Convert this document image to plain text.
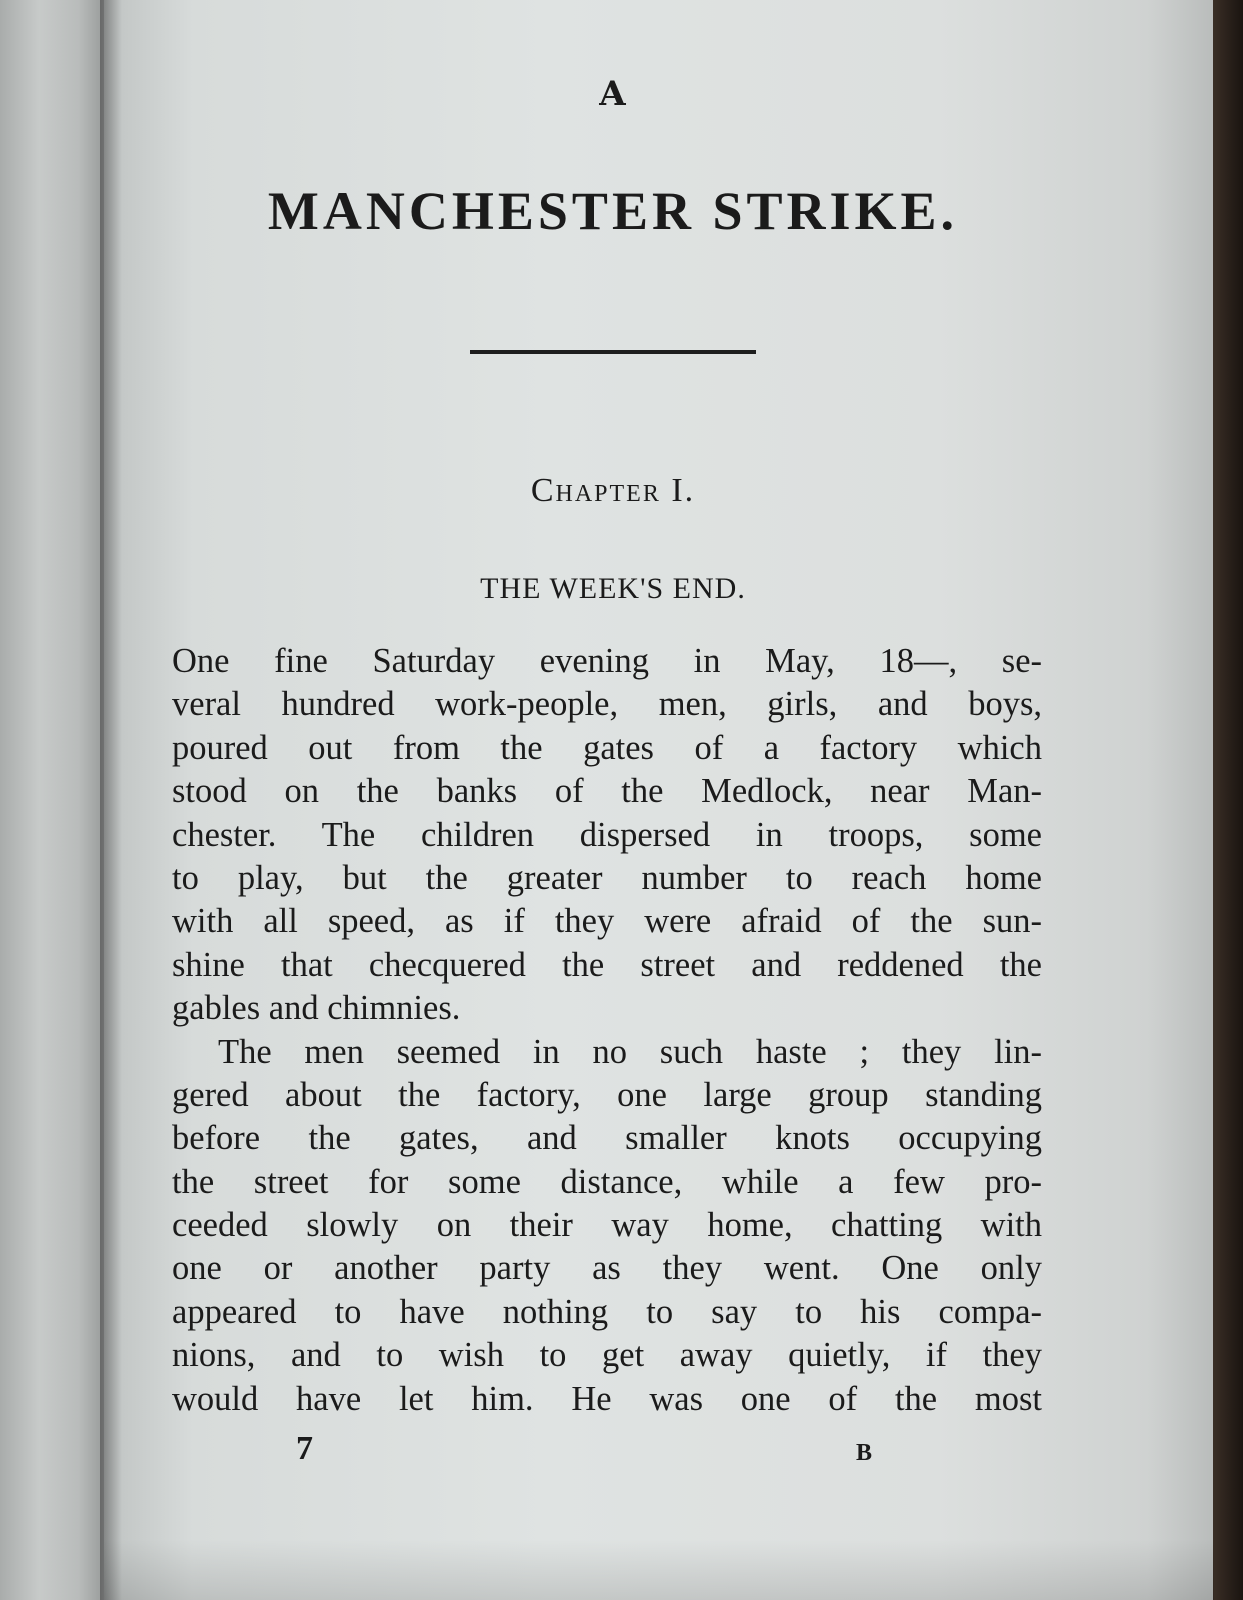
A
MANCHESTER STRIKE.
Chapter I.
THE WEEK'S END.
One fine Saturday evening in May, 18—, se-
veral hundred work-people, men, girls, and boys,
poured out from the gates of a factory which
stood on the banks of the Medlock, near Man-
chester. The children dispersed in troops, some
to play, but the greater number to reach home
with all speed, as if they were afraid of the sun-
shine that checquered the street and reddened the
gables and chimnies.
The men seemed in no such haste ; they lin-
gered about the factory, one large group standing
before the gates, and smaller knots occupying
the street for some distance, while a few pro-
ceeded slowly on their way home, chatting with
one or another party as they went. One only
appeared to have nothing to say to his compa-
nions, and to wish to get away quietly, if they
would have let him. He was one of the most
7	B
